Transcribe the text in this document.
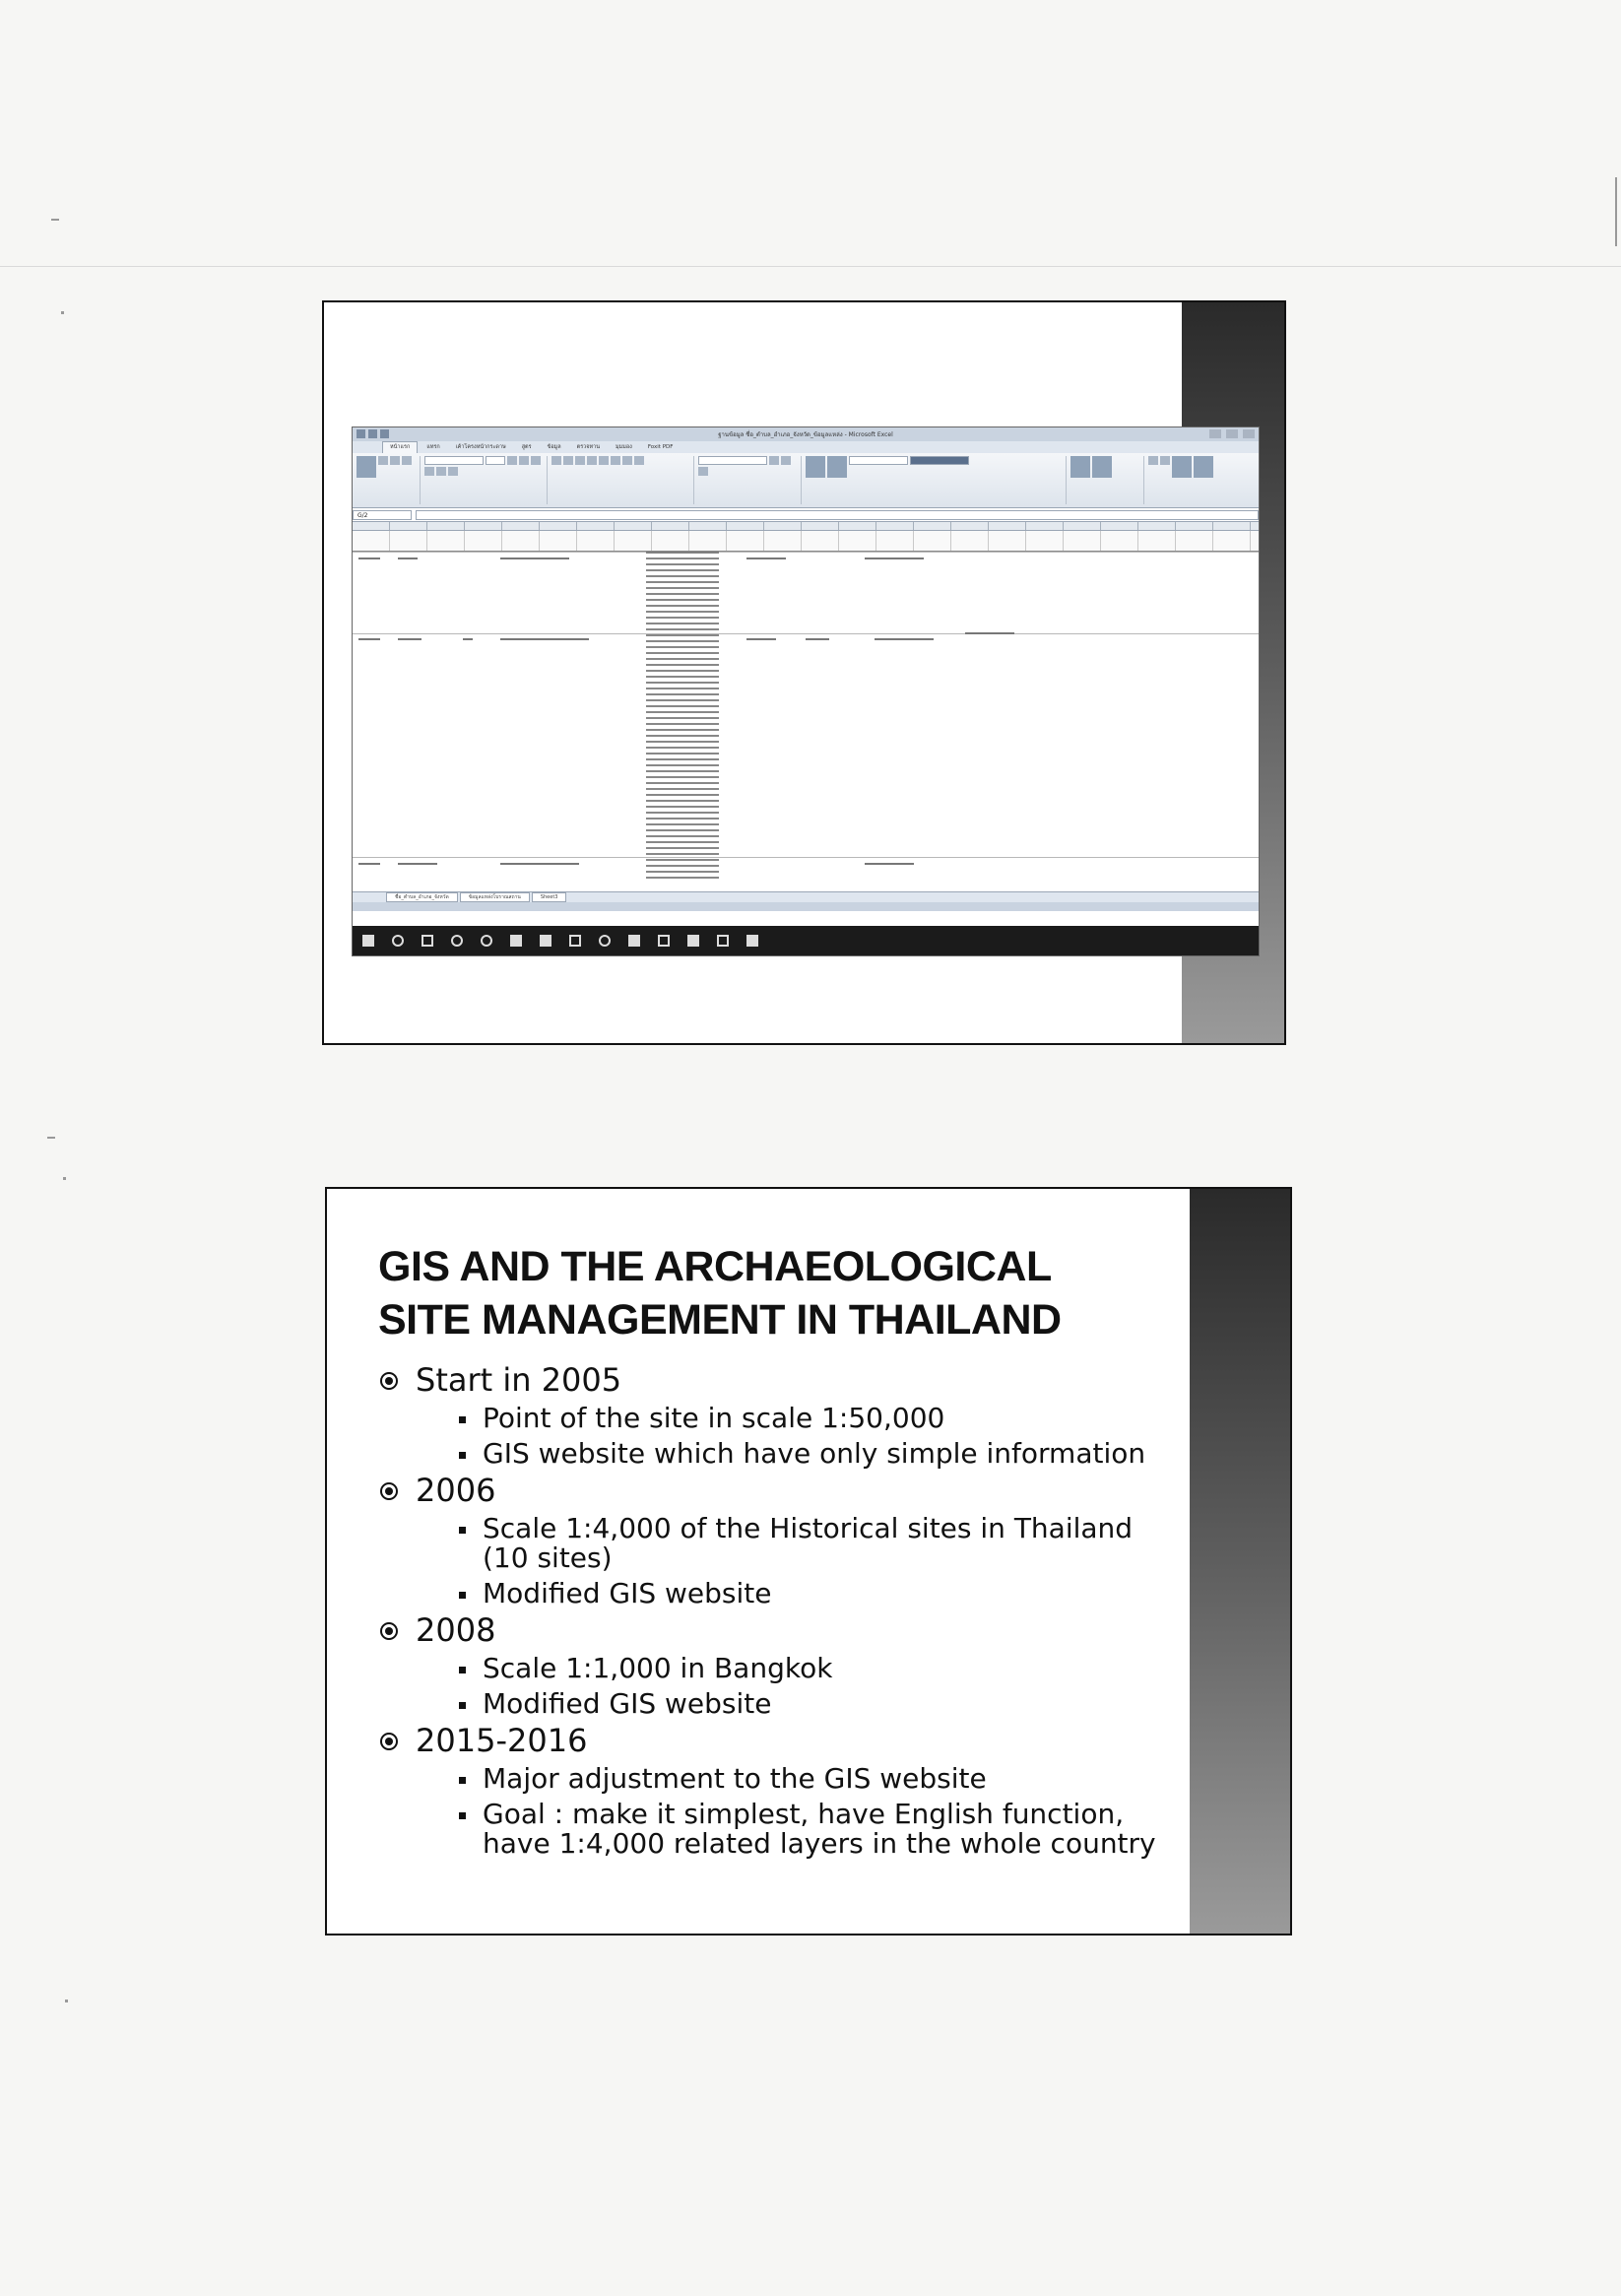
ฐานข้อมูล ชื่อ_ตำบล_อำเภอ_จังหวัด_ข้อมูลแหล่ง - Microsoft Excel
หน้าแรก	แทรก	เค้าโครงหน้ากระดาษ	สูตร	ข้อมูล	ตรวจทาน	มุมมอง	Foxit PDF
G/2
ชื่อ_ตำบล_อำเภอ_จังหวัด	ข้อมูลแหล่งโบราณสถาน	Sheet3
GIS AND THE ARCHAEOLOGICAL SITE MANAGEMENT IN THAILAND
Start in 2005
Point of the site in scale 1:50,000
GIS website which have only simple information
2006
Scale 1:4,000 of the Historical sites in Thailand (10 sites)
Modified GIS website
2008
Scale 1:1,000 in Bangkok
Modified GIS website
2015-2016
Major adjustment to the GIS website
Goal : make it simplest, have English function, have 1:4,000 related layers in the whole country
